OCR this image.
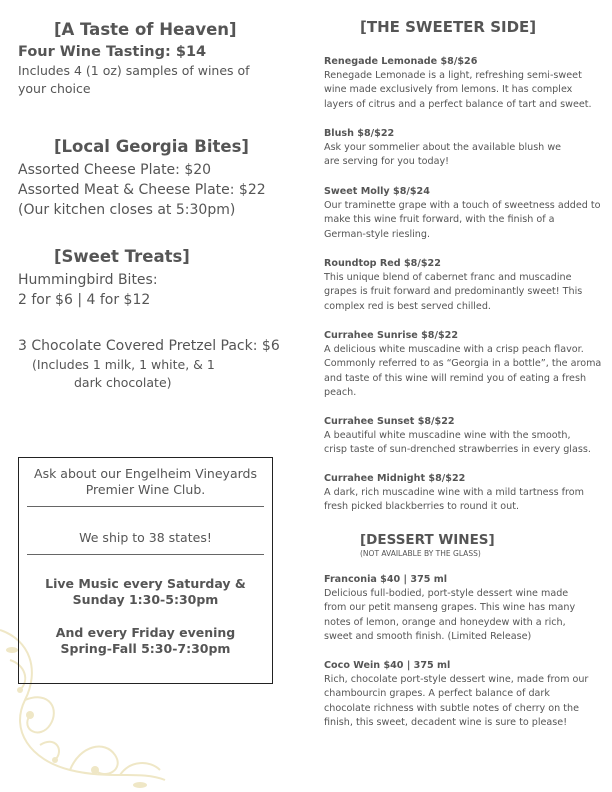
[A Taste of Heaven]
Four Wine Tasting: $14
Includes 4 (1 oz) samples of wines of
your choice
[Local Georgia Bites]
Assorted Cheese Plate: $20
Assorted Meat & Cheese Plate: $22
(Our kitchen closes at 5:30pm)
[Sweet Treats]
Hummingbird Bites:
2 for $6 | 4 for $12
3 Chocolate Covered Pretzel Pack: $6
(Includes 1 milk, 1 white, & 1
dark chocolate)
Ask about our Engelheim Vineyards
Premier Wine Club.
We ship to 38 states!
Live Music every Saturday &
Sunday 1:30-5:30pm
And every Friday evening
Spring-Fall 5:30-7:30pm
[THE SWEETER SIDE]
Renegade Lemonade $8/$26
Renegade Lemonade is a light, refreshing semi-sweet
wine made exclusively from lemons. It has complex
layers of citrus and a perfect balance of tart and sweet.
Blush $8/$22
Ask your sommelier about the available blush we
are serving for you today!
Sweet Molly $8/$24
Our traminette grape with a touch of sweetness added to
make this wine fruit forward, with the finish of a
German-style riesling.
Roundtop Red $8/$22
This unique blend of cabernet franc and muscadine
grapes is fruit forward and predominantly sweet! This
complex red is best served chilled.
Currahee Sunrise $8/$22
A delicious white muscadine with a crisp peach flavor.
Commonly referred to as “Georgia in a bottle”, the aroma
and taste of this wine will remind you of eating a fresh
peach.
Currahee Sunset $8/$22
A beautiful white muscadine wine with the smooth,
crisp taste of sun-drenched strawberries in every glass.
Currahee Midnight $8/$22
A dark, rich muscadine wine with a mild tartness from
fresh picked blackberries to round it out.
[DESSERT WINES]
(NOT AVAILABLE BY THE GLASS)
Franconia $40 | 375 ml
Delicious full-bodied, port-style dessert wine made
from our petit manseng grapes. This wine has many
notes of lemon, orange and honeydew with a rich,
sweet and smooth finish. (Limited Release)
Coco Wein $40 | 375 ml
Rich, chocolate port-style dessert wine, made from our
chambourcin grapes. A perfect balance of dark
chocolate richness with subtle notes of cherry on the
finish, this sweet, decadent wine is sure to please!
